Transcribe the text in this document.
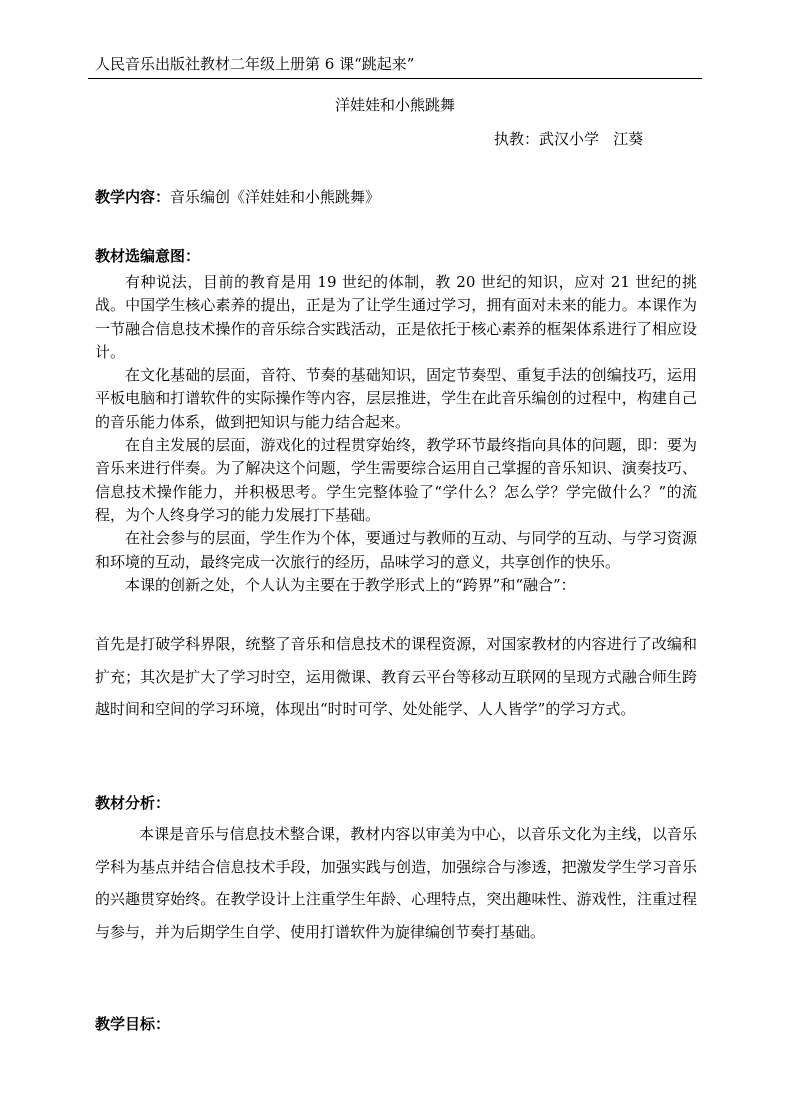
人民音乐出版社教材二年级上册第 6 课“跳起来”
洋娃娃和小熊跳舞
执教：武汉小学   江葵
教学内容：音乐编创《洋娃娃和小熊跳舞》
教材选编意图：

有种说法，目前的教育是用 19 世纪的体制，教 20 世纪的知识，应对 21 世纪的挑战。中国学生核心素养的提出，正是为了让学生通过学习，拥有面对未来的能力。本课作为一节融合信息技术操作的音乐综合实践活动，正是依托于核心素养的框架体系进行了相应设计。

在文化基础的层面，音符、节奏的基础知识，固定节奏型、重复手法的创编技巧，运用平板电脑和打谱软件的实际操作等内容，层层推进，学生在此音乐编创的过程中，构建自己的音乐能力体系，做到把知识与能力结合起来。

在自主发展的层面，游戏化的过程贯穿始终，教学环节最终指向具体的问题，即：要为音乐来进行伴奏。为了解决这个问题，学生需要综合运用自己掌握的音乐知识、演奏技巧、信息技术操作能力，并积极思考。学生完整体验了“学什么？怎么学？学完做什么？”的流程，为个人终身学习的能力发展打下基础。

在社会参与的层面，学生作为个体，要通过与教师的互动、与同学的互动、与学习资源和环境的互动，最终完成一次旅行的经历，品味学习的意义，共享创作的快乐。

本课的创新之处，个人认为主要在于教学形式上的“跨界”和“融合”：

首先是打破学科界限，统整了音乐和信息技术的课程资源，对国家教材的内容进行了改编和扩充；其次是扩大了学习时空，运用微课、教育云平台等移动互联网的呈现方式融合师生跨越时间和空间的学习环境，体现出“时时可学、处处能学、人人皆学”的学习方式。
教材分析：
本课是音乐与信息技术整合课，教材内容以审美为中心，以音乐文化为主线，以音乐学科为基点并结合信息技术手段，加强实践与创造，加强综合与渗透，把激发学生学习音乐的兴趣贯穿始终。在教学设计上注重学生年龄、心理特点，突出趣味性、游戏性，注重过程与参与，并为后期学生自学、使用打谱软件为旋律编创节奏打基础。
教学目标：
